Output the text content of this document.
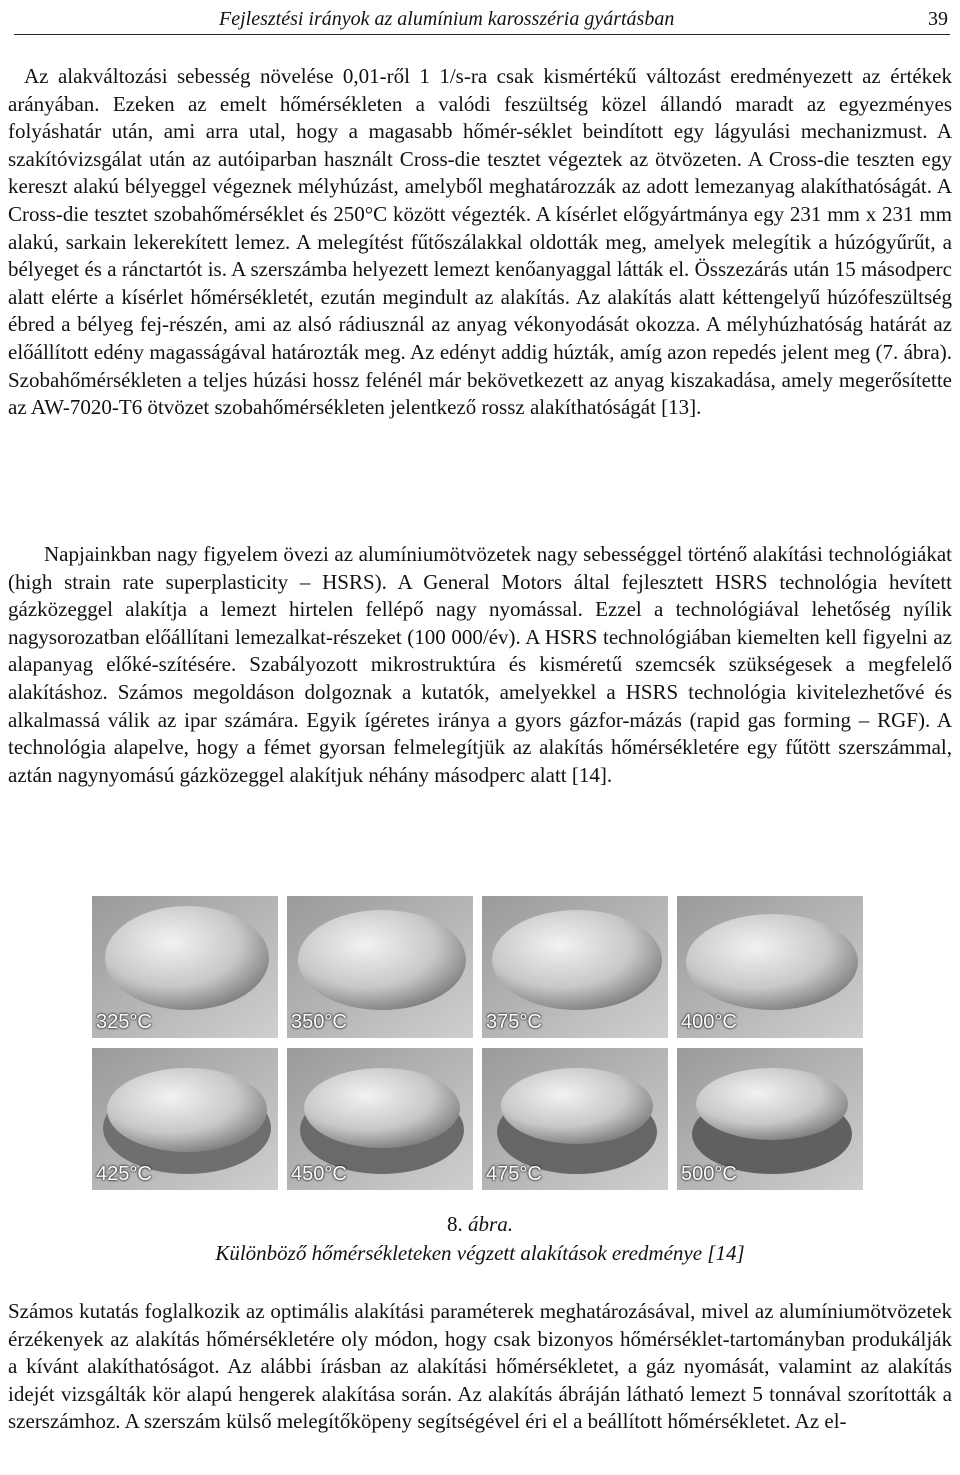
Fejlesztési irányok az alumínium karosszéria gyártásban	39

Az alakváltozási sebesség növelése 0,01-ről 1 1/s-ra csak kismértékű változást eredményezett az értékek arányában. Ezeken az emelt hőmérsékleten a valódi feszültség közel állandó maradt az egyezményes folyáshatár után, ami arra utal, hogy a magasabb hőmér-séklet beindított egy lágyulási mechanizmust. A szakítóvizsgálat után az autóiparban használt Cross-die tesztet végeztek az ötvözeten. A Cross-die teszten egy kereszt alakú bélyeggel végeznek mélyhúzást, amelyből meghatározzák az adott lemezanyag alakíthatóságát. A Cross-die tesztet szobahőmérséklet és 250°C között végezték. A kísérlet előgyártmánya egy 231 mm x 231 mm alakú, sarkain lekerekített lemez. A melegítést fűtőszálakkal oldották meg, amelyek melegítik a húzógyűrűt, a bélyeget és a ránctartót is. A szerszámba helyezett lemezt kenőanyaggal látták el. Összezárás után 15 másodperc alatt elérte a kísérlet hőmérsékletét, ezután megindult az alakítás. Az alakítás alatt kéttengelyű húzófeszültség ébred a bélyeg fej-részén, ami az alsó rádiusznál az anyag vékonyodását okozza. A mélyhúzhatóság határát az előállított edény magasságával határozták meg. Az edényt addig húzták, amíg azon repedés jelent meg (7. ábra). Szobahőmérsékleten a teljes húzási hossz felénél már bekövetkezett az anyag kiszakadása, amely megerősítette az AW-7020-T6 ötvözet szobahőmérsékleten jelentkező rossz alakíthatóságát [13].

Napjainkban nagy figyelem övezi az alumíniumötvözetek nagy sebességgel történő alakítási technológiákat (high strain rate superplasticity – HSRS). A General Motors által fejlesztett HSRS technológia hevített gázközeggel alakítja a lemezt hirtelen fellépő nagy nyomással. Ezzel a technológiával lehetőség nyílik nagysorozatban előállítani lemezalkat-részeket (100 000/év). A HSRS technológiában kiemelten kell figyelni az alapanyag előké-szítésére. Szabályozott mikrostruktúra és kisméretű szemcsék szükségesek a megfelelő alakításhoz. Számos megoldáson dolgoznak a kutatók, amelyekkel a HSRS technológia kivitelezhetővé és alkalmassá válik az ipar számára. Egyik ígéretes iránya a gyors gázfor-mázás (rapid gas forming – RGF). A technológia alapelve, hogy a fémet gyorsan felmelegítjük az alakítás hőmérsékletére egy fűtött szerszámmal, aztán nagynyomású gázközeggel alakítjuk néhány másodperc alatt [14].

325°C	350°C	375°C	400°C
425°C	450°C	475°C	500°C
8. ábra.
Különböző hőmérsékleteken végzett alakítások eredménye [14]

Számos kutatás foglalkozik az optimális alakítási paraméterek meghatározásával, mivel az alumíniumötvözetek érzékenyek az alakítás hőmérsékletére oly módon, hogy csak bizonyos hőmérséklet-tartományban produkálják a kívánt alakíthatóságot. Az alábbi írásban az alakítási hőmérsékletet, a gáz nyomását, valamint az alakítás idejét vizsgálták kör alapú hengerek alakítása során. Az alakítás ábráján látható lemezt 5 tonnával szorították a szerszámhoz. A szerszám külső melegítőköpeny segítségével éri el a beállított hőmérsékletet. Az el-
